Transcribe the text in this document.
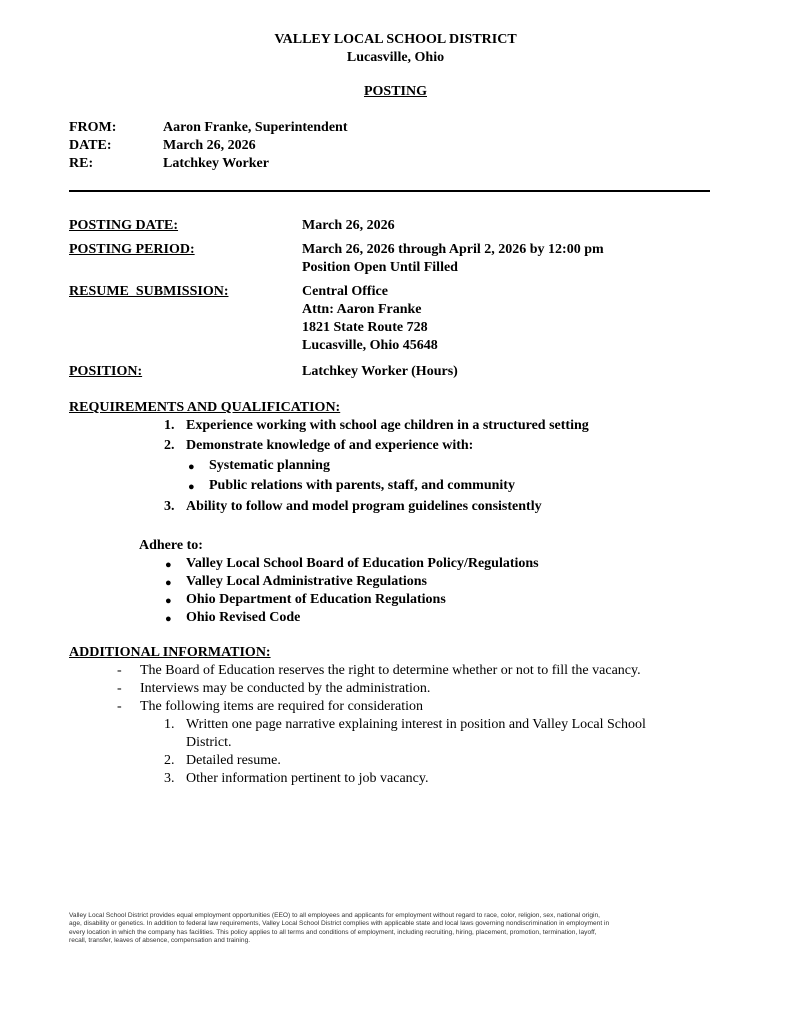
VALLEY LOCAL SCHOOL DISTRICT
Lucasville, Ohio
POSTING
FROM:	Aaron Franke, Superintendent
DATE:	March 26, 2026
RE:	Latchkey Worker
POSTING DATE:	March 26, 2026
POSTING PERIOD:	March 26, 2026 through April 2, 2026 by 12:00 pm
Position Open Until Filled
RESUME  SUBMISSION:	Central Office
Attn: Aaron Franke
1821 State Route 728
Lucasville, Ohio 45648
POSITION:	Latchkey Worker (Hours)
REQUIREMENTS AND QUALIFICATION:
1. Experience working with school age children in a structured setting
2. Demonstrate knowledge of and experience with:
● Systematic planning
● Public relations with parents, staff, and community
3. Ability to follow and model program guidelines consistently
Adhere to:
● Valley Local School Board of Education Policy/Regulations
● Valley Local Administrative Regulations
● Ohio Department of Education Regulations
● Ohio Revised Code
ADDITIONAL INFORMATION:
- The Board of Education reserves the right to determine whether or not to fill the vacancy.
- Interviews may be conducted by the administration.
- The following items are required for consideration
1. Written one page narrative explaining interest in position and Valley Local School
District.
2. Detailed resume.
3. Other information pertinent to job vacancy.
Valley Local School District provides equal employment opportunities (EEO) to all employees and applicants for employment without regard to race, color, religion, sex, national origin,
age, disability or genetics. In addition to federal law requirements, Valley Local School District complies with applicable state and local laws governing nondiscrimination in employment in
every location in which the company has facilities. This policy applies to all terms and conditions of employment, including recruiting, hiring, placement, promotion, termination, layoff,
recall, transfer, leaves of absence, compensation and training.
